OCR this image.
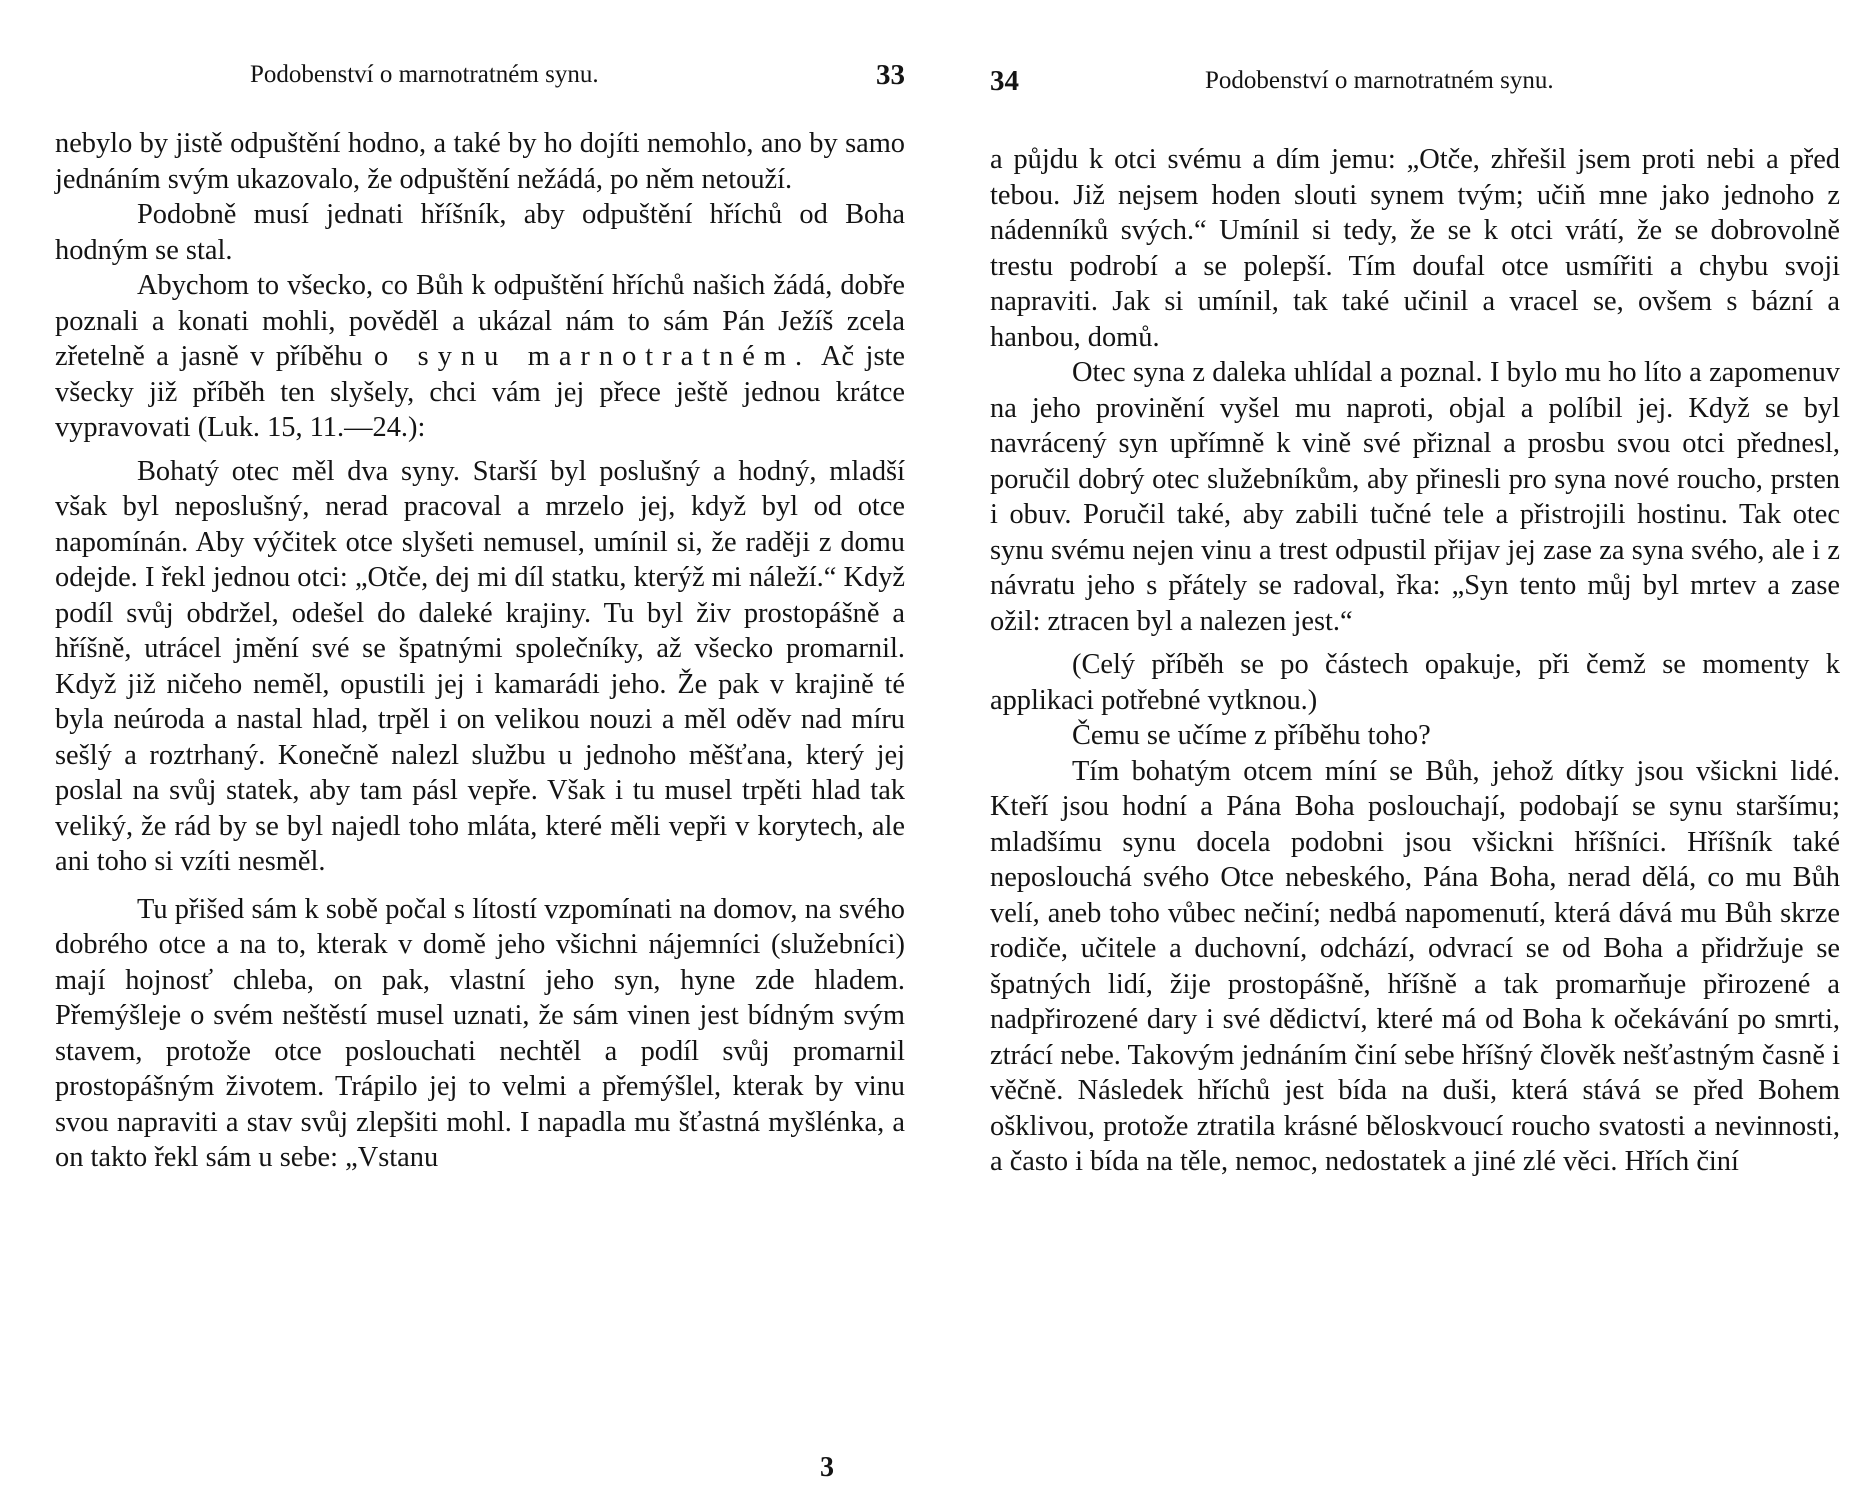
Podobenství o marnotratném synu.	33

nebylo by jistě odpuštění hodno, a také by ho dojíti nemohlo, ano by samo jednáním svým ukazovalo, že odpuštění nežádá, po něm netouží.

Podobně musí jednati hříšník, aby odpuštění hříchů od Boha hodným se stal.

Abychom to všecko, co Bůh k odpuštění hříchů našich žádá, dobře poznali a konati mohli, pověděl a ukázal nám to sám Pán Ježíš zcela zřetelně a jasně v příběhu o synu marnotratném. Ač jste všecky již příběh ten slyšely, chci vám jej přece ještě jednou krátce vypravovati (Luk. 15, 11.—24.):

Bohatý otec měl dva syny. Starší byl poslušný a hodný, mladší však byl neposlušný, nerad pracoval a mrzelo jej, když byl od otce napomínán. Aby výčitek otce slyšeti nemusel, umínil si, že raději z domu odejde. I řekl jednou otci: „Otče, dej mi díl statku, kterýž mi náleží.“ Když podíl svůj obdržel, odešel do daleké krajiny. Tu byl živ prostopášně a hříšně, utrácel jmění své se špatnými společníky, až všecko promarnil. Když již ničeho neměl, opustili jej i kamarádi jeho. Že pak v krajině té byla neúroda a nastal hlad, trpěl i on velikou nouzi a měl oděv nad míru sešlý a roztrhaný. Konečně nalezl službu u jednoho měšťana, který jej poslal na svůj statek, aby tam pásl vepře. Však i tu musel trpěti hlad tak veliký, že rád by se byl najedl toho mláta, které měli vepři v korytech, ale ani toho si vzíti nesměl.

Tu přišed sám k sobě počal s lítostí vzpomínati na domov, na svého dobrého otce a na to, kterak v domě jeho všichni nájemníci (služebníci) mají hojnosť chleba, on pak, vlastní jeho syn, hyne zde hladem. Přemýšleje o svém neštěstí musel uznati, že sám vinen jest bídným svým stavem, protože otce poslouchati nechtěl a podíl svůj promarnil prostopášným životem. Trápilo jej to velmi a přemýšlel, kterak by vinu svou napraviti a stav svůj zlepšiti mohl. I napadla mu šťastná myšlénka, a on takto řekl sám u sebe: „Vstanu

3
34	Podobenství o marnotratném synu.

a půjdu k otci svému a dím jemu: „Otče, zhřešil jsem proti nebi a před tebou. Již nejsem hoden slouti synem tvým; učiň mne jako jednoho z nádenníků svých.“ Umínil si tedy, že se k otci vrátí, že se dobrovolně trestu podrobí a se polepší. Tím doufal otce usmířiti a chybu svoji napraviti. Jak si umínil, tak také učinil a vracel se, ovšem s bázní a hanbou, domů.

Otec syna z daleka uhlídal a poznal. I bylo mu ho líto a zapomenuv na jeho provinění vyšel mu naproti, objal a políbil jej. Když se byl navrácený syn upřímně k vině své přiznal a prosbu svou otci přednesl, poručil dobrý otec služebníkům, aby přinesli pro syna nové roucho, prsten i obuv. Poručil také, aby zabili tučné tele a přistrojili hostinu. Tak otec synu svému nejen vinu a trest odpustil přijav jej zase za syna svého, ale i z návratu jeho s přátely se radoval, řka: „Syn tento můj byl mrtev a zase ožil: ztracen byl a nalezen jest.“

(Celý příběh se po částech opakuje, při čemž se momenty k applikaci potřebné vytknou.)

Čemu se učíme z příběhu toho?

Tím bohatým otcem míní se Bůh, jehož dítky jsou všickni lidé. Kteří jsou hodní a Pána Boha poslouchají, podobají se synu staršímu; mladšímu synu docela podobni jsou všickni hříšníci. Hříšník také neposlouchá svého Otce nebeského, Pána Boha, nerad dělá, co mu Bůh velí, aneb toho vůbec nečiní; nedbá napomenutí, která dává mu Bůh skrze rodiče, učitele a duchovní, odchází, odvrací se od Boha a přidržuje se špatných lidí, žije prostopášně, hříšně a tak promarňuje přirozené a nadpřirozené dary i své dědictví, které má od Boha k očekávání po smrti, ztrácí nebe. Takovým jednáním činí sebe hříšný člověk nešťastným časně i věčně. Následek hříchů jest bída na duši, která stává se před Bohem ošklivou, protože ztratila krásné běloskvoucí roucho svatosti a nevinnosti, a často i bída na těle, nemoc, nedostatek a jiné zlé věci. Hřích činí
